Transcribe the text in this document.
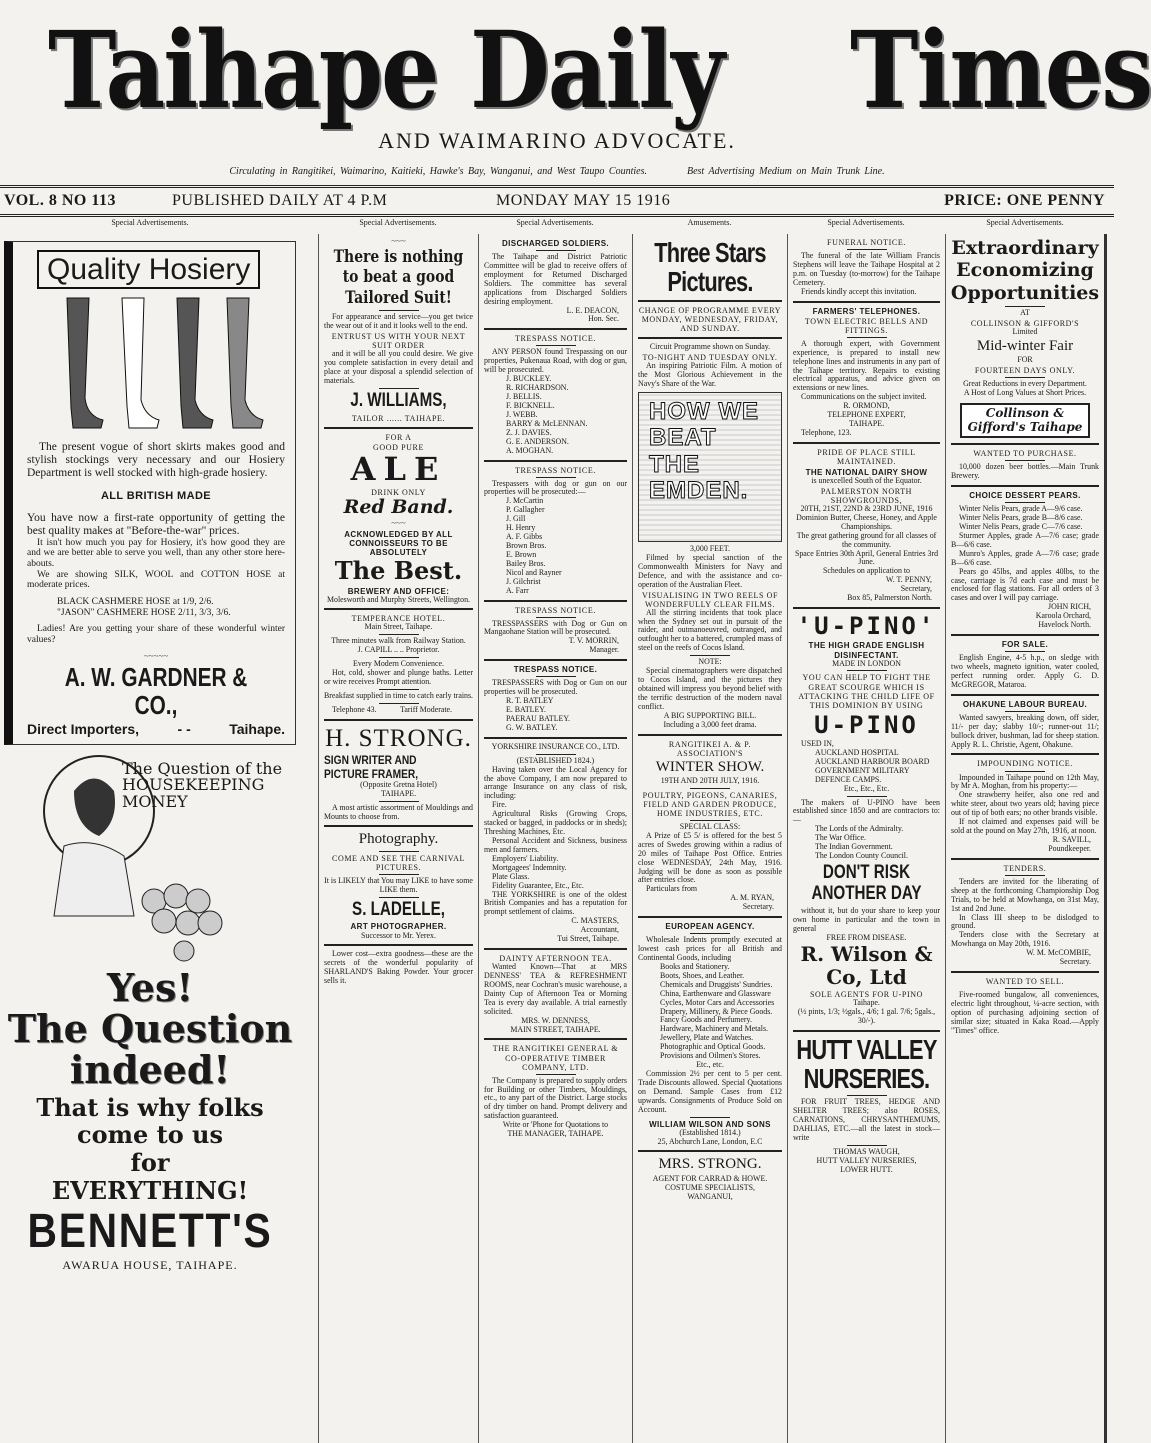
Taihape Daily Times
AND WAIMARINO ADVOCATE.
Circulating in Rangitikei, Waimarino, Kaitieki, Hawke's Bay, Wanganui, and West Taupo Counties.	Best Advertising Medium on Main Trunk Line.
VOL. 8 NO 113	PUBLISHED DAILY AT 4 P.M	MONDAY MAY 15 1916	PRICE: ONE PENNY
Special Advertisements.	Special Advertisements.	Special Advertisements.	Amusements.	Special Advertisements.	Special Advertisements.
Quality Hosiery
The present vogue of short skirts makes good and stylish stockings very necessary and our Hosiery Department is well stocked with high-grade hosiery.
ALL BRITISH MADE
You have now a first-rate opportunity of getting the best quality makes at "Before-the-war" prices.
It isn't how much you pay for Hosiery, it's how good they are and we are better able to serve you well, than any other store here-abouts.
We are showing SILK, WOOL and COTTON HOSE at moderate prices.
BLACK CASHMERE HOSE at 1/9, 2/6.
"JASON" CASHMERE HOSE 2/11, 3/3, 3/6.
Ladies! Are you getting your share of these wonderful winter values?
~~~~~
A. W. GARDNER & CO.,
Direct Importers,	- -	Taihape.
The Question of the HOUSEKEEPING MONEY
Yes!
The Question indeed!
That is why folks
come to us
for
EVERYTHING!
BENNETT'S
AWARUA HOUSE, TAIHAPE.
~~~
There is nothing to beat a good Tailored Suit!
For appearance and service—you get twice the wear out of it and it looks well to the end.
ENTRUST US WITH YOUR NEXT SUIT ORDER
and it will be all you could desire. We give you complete satisfaction in every detail and place at your disposal a splendid selection of materials.
J. WILLIAMS,
TAILOR ...... TAIHAPE.
FOR A
GOOD PURE
ALE
DRINK ONLY
Red Band.
~~~
ACKNOWLEDGED BY ALL CONNOISSEURS TO BE ABSOLUTELY
The Best.
BREWERY AND OFFICE:
Molesworth and Murphy Streets, Wellington.
TEMPERANCE HOTEL.
Main Street, Taihape.
Three minutes walk from Railway Station.
J. CAPILL .. .. Proprietor.
Every Modern Convenience.
Hot, cold, shower and plunge baths. Letter or wire receives Prompt attention.
Breakfast supplied in time to catch early trains.
Telephone 43.            Tariff Moderate.
H. STRONG.
SIGN WRITER AND PICTURE FRAMER,
(Opposite Gretna Hotel)
TAIHAPE.
A most artistic assortment of Mouldings and Mounts to choose from.
Photography.
COME AND SEE THE CARNIVAL PICTURES.
It is LIKELY that You may LIKE to have some LIKE them.
S. LADELLE,
ART PHOTOGRAPHER.
Successor to Mr. Yerex.
Lower cost—extra goodness—these are the secrets of the wonderful popularity of SHARLAND'S Baking Powder. Your grocer sells it.
DISCHARGED SOLDIERS.
The Taihape and District Patriotic Committee will be glad to receive offers of employment for Returned Discharged Soldiers. The committee has several applications from Discharged Soldiers desiring employment.
L. E. DEACON,
Hon. Sec.
TRESPASS NOTICE.
ANY PERSON found Trespassing on our properties, Pukenaua Road, with dog or gun, will be prosecuted.
J. BUCKLEY.
R. RICHARDSON.
J. BELLIS.
F. BICKNELL.
J. WEBB.
BARRY & McLENNAN.
Z. J. DAVIES.
G. E. ANDERSON.
A. MOGHAN.
TRESPASS NOTICE.
Trespassers with dog or gun on our properties will be prosecuted:—
J. McCartin
P. Gallagher
J. Gill
H. Henry
A. F. Gibbs
Brown Bros.
E. Brown
Bailey Bros.
Nicol and Rayner
J. Gilchrist
A. Farr
TRESPASS NOTICE.
TRESSPASSERS with Dog or Gun on Mangaohane Station will be prosecuted.
T. V. MORRIN,
Manager.
TRESPASS NOTICE.
TRESPASSERS with Dog or Gun on our properties will be prosecuted.
R. T. BATLEY
E. BATLEY.
PAERAU BATLEY.
G. W. BATLEY.
YORKSHIRE INSURANCE CO., LTD.
(ESTABLISHED 1824.)
Having taken over the Local Agency for the above Company, I am now prepared to arrange Insurance on any class of risk, including:
Fire.
Agricultural Risks (Growing Crops, stacked or bagged, in paddocks or in sheds); Threshing Machines, Etc.
Personal Accident and Sickness, business men and farmers.
Employers' Liability.
Mortgagees' Indemnity.
Plate Glass.
Fidelity Guarantee, Etc., Etc.
THE YORKSHIRE is one of the oldest British Companies and has a reputation for prompt settlement of claims.
C. MASTERS,
Accountant,
Tui Street, Taihape.
DAINTY AFTERNOON TEA.
Wanted Known—That at MRS DENNESS' TEA & REFRESHMENT ROOMS, near Cochran's music warehouse, a Dainty Cup of Afternoon Tea or Morning Tea is every day available. A trial earnestly solicited.
MRS. W. DENNESS,
MAIN STREET, TAIHAPE.
THE RANGITIKEI GENERAL & CO-OPERATIVE TIMBER COMPANY, LTD.
The Company is prepared to supply orders for Building or other Timbers, Mouldings, etc., to any part of the District. Large stocks of dry timber on hand. Prompt delivery and satisfaction guaranteed.
Write or 'Phone for Quotations to
THE MANAGER, TAIHAPE.
Three Stars Pictures.
CHANGE OF PROGRAMME EVERY MONDAY, WEDNESDAY, FRIDAY, AND SUNDAY.
Circuit Programme shown on Sunday.
TO-NIGHT AND TUESDAY ONLY.
An inspiring Patriotic Film. A motion of the Most Glorious Achievement in the Navy's Share of the War.
HOW WE BEAT THE EMDEN.
3,000 FEET.
Filmed by special sanction of the Commonwealth Ministers for Navy and Defence, and with the assistance and co-operation of the Australian Fleet.
VISUALISING IN TWO REELS OF WONDERFULLY CLEAR FILMS.
All the stirring incidents that took place when the Sydney set out in pursuit of the raider, and outmanoeuvred, outranged, and outfought her to a battered, crumpled mass of steel on the reefs of Cocos Island.
NOTE:
Special cinematographers were dispatched to Cocos Island, and the pictures they obtained will impress you beyond belief with the terrific destruction of the modern naval conflict.
A BIG SUPPORTING BILL.
Including a 3,000 feet drama.
RANGITIKEI A. & P. ASSOCIATION'S
WINTER SHOW.
19TH AND 20TH JULY, 1916.
POULTRY, PIGEONS, CANARIES, FIELD AND GARDEN PRODUCE, HOME INDUSTRIES, ETC.
SPECIAL CLASS:
A Prize of £5 5/ is offered for the best 5 acres of Swedes growing within a radius of 20 miles of Taihape Post Office. Entries close WEDNESDAY, 24th May, 1916. Judging will be done as soon as possible after entries close.
Particulars from
A. M. RYAN,
Secretary.
EUROPEAN AGENCY.
Wholesale Indents promptly executed at lowest cash prices for all British and Continental Goods, including
Books and Stationery.
Boots, Shoes, and Leather.
Chemicals and Druggists' Sundries.
China, Earthenware and Glassware
Cycles, Motor Cars and Accessories
Drapery, Millinery, & Piece Goods.
Fancy Goods and Perfumery.
Hardware, Machinery and Metals.
Jewellery, Plate and Watches.
Photographic and Optical Goods.
Provisions and Oilmen's Stores.
Etc., etc.
Commission 2½ per cent to 5 per cent. Trade Discounts allowed. Special Quotations on Demand. Sample Cases from £12 upwards. Consignments of Produce Sold on Account.
WILLIAM WILSON AND SONS
(Established 1814.)
25, Abchurch Lane, London, E.C
MRS. STRONG.
AGENT FOR CARRAD & HOWE.
COSTUME SPECIALISTS,
WANGANUI,
FUNERAL NOTICE.
The funeral of the late William Francis Stephens will leave the Taihape Hospital at 2 p.m. on Tuesday (to-morrow) for the Taihape Cemetery.
Friends kindly accept this invitation.
FARMERS' TELEPHONES.
TOWN ELECTRIC BELLS AND FITTINGS.
A thorough expert, with Government experience, is prepared to install new telephone lines and instruments in any part of the Taihape territory. Repairs to existing electrical apparatus, and advice given on extensions or new lines.
Communications on the subject invited.
R. ORMOND,
TELEPHONE EXPERT,
TAIHAPE.
Telephone, 123.
PRIDE OF PLACE STILL MAINTAINED.
THE NATIONAL DAIRY SHOW
is unexcelled South of the Equator.
PALMERSTON NORTH SHOWGROUNDS,
20TH, 21ST, 22ND & 23RD JUNE, 1916
Dominion Butter, Cheese, Honey, and Apple Championships.
The great gathering ground for all classes of the community.
Space Entries 30th April, General Entries 3rd June.
Schedules on application to
W. T. PENNY,
Secretary,
Box 85, Palmerston North.
'U-PINO'
THE HIGH GRADE ENGLISH DISINFECTANT.
MADE IN LONDON
YOU CAN HELP TO FIGHT THE GREAT SCOURGE WHICH IS ATTACKING THE CHILD LIFE OF THIS DOMINION BY USING
U-PINO
USED IN,
AUCKLAND HOSPITAL
AUCKLAND HARBOUR BOARD
GOVERNMENT MILITARY DEFENCE CAMPS.
Etc., Etc., Etc.
The makers of U-PINO have been established since 1850 and are contractors to:—
The Lords of the Admiralty.
The War Office.
The Indian Government.
The London County Council.
DON'T RISK ANOTHER DAY
without it, but do your share to keep your own home in particular and the town in general
FREE FROM DISEASE.
R. Wilson & Co, Ltd
SOLE AGENTS FOR U-PINO
Taihape.
(½ pints, 1/3; ½gals., 4/6; 1 gal. 7/6; 5gals., 30/-).
HUTT VALLEY NURSERIES.
FOR FRUIT TREES, HEDGE AND SHELTER TREES; also ROSES, CARNATIONS, CHRYSANTHEMUMS, DAHLIAS, ETC.—all the latest in stock—write
THOMAS WAUGH,
HUTT VALLEY NURSERIES,
LOWER HUTT.
Extraordinary Economizing Opportunities
AT
COLLINSON & GIFFORD'S
Limited
Mid-winter Fair
FOR
FOURTEEN DAYS ONLY.
Great Reductions in every Department.
A Host of Long Values at Short Prices.
Collinson & Gifford's Taihape
WANTED TO PURCHASE.
10,000 dozen beer bottles.—Main Trunk Brewery.
CHOICE DESSERT PEARS.
Winter Nelis Pears, grade A—9/6 case.
Winter Nelis Pears, grade B—8/6 case.
Winter Nelis Pears, grade C—7/6 case.
Sturmer Apples, grade A—7/6 case; grade B—6/6 case.
Munro's Apples, grade A—7/6 case; grade B—6/6 case.
Pears go 45lbs, and apples 40lbs, to the case, carriage is 7d each case and must be enclosed for flag stations. For all orders of 3 cases and over I will pay carriage.
JOHN RICH,
Karoola Orchard,
Havelock North.
FOR SALE.
English Engine, 4-5 h.p., on sledge with two wheels, magneto ignition, water cooled, perfect running order. Apply G. D. McGREGOR, Mataroa.
OHAKUNE LABOUR BUREAU.
Wanted sawyers, breaking down, off sider, 11/- per day; slabby 10/-; runner-out 11/; bullock driver, bushman, lad for sheep station. Apply R. L. Christie, Agent, Ohakune.
IMPOUNDING NOTICE.
Impounded in Taihape pound on 12th May, by Mr A. Moghan, from his property:—
One strawberry heifer, also one red and white steer, about two years old; having piece out of tip of both ears; no other brands visible.
If not claimed and expenses paid will be sold at the pound on May 27th, 1916, at noon.
R. SAVILL,
Poundkeeper.
TENDERS.
Tenders are invited for the liberating of sheep at the forthcoming Championship Dog Trials, to be held at Mowhanga, on 31st May, 1st and 2nd June.
In Class III sheep to be dislodged to ground.
Tenders close with the Secretary at Mowhanga on May 20th, 1916.
W. M. McCOMBIE,
Secretary.
WANTED TO SELL.
Five-roomed bungalow, all conveniences, electric light throughout, ¼-acre section, with option of purchasing adjoining section of similar size; situated in Kaka Road.—Apply "Times" office.
